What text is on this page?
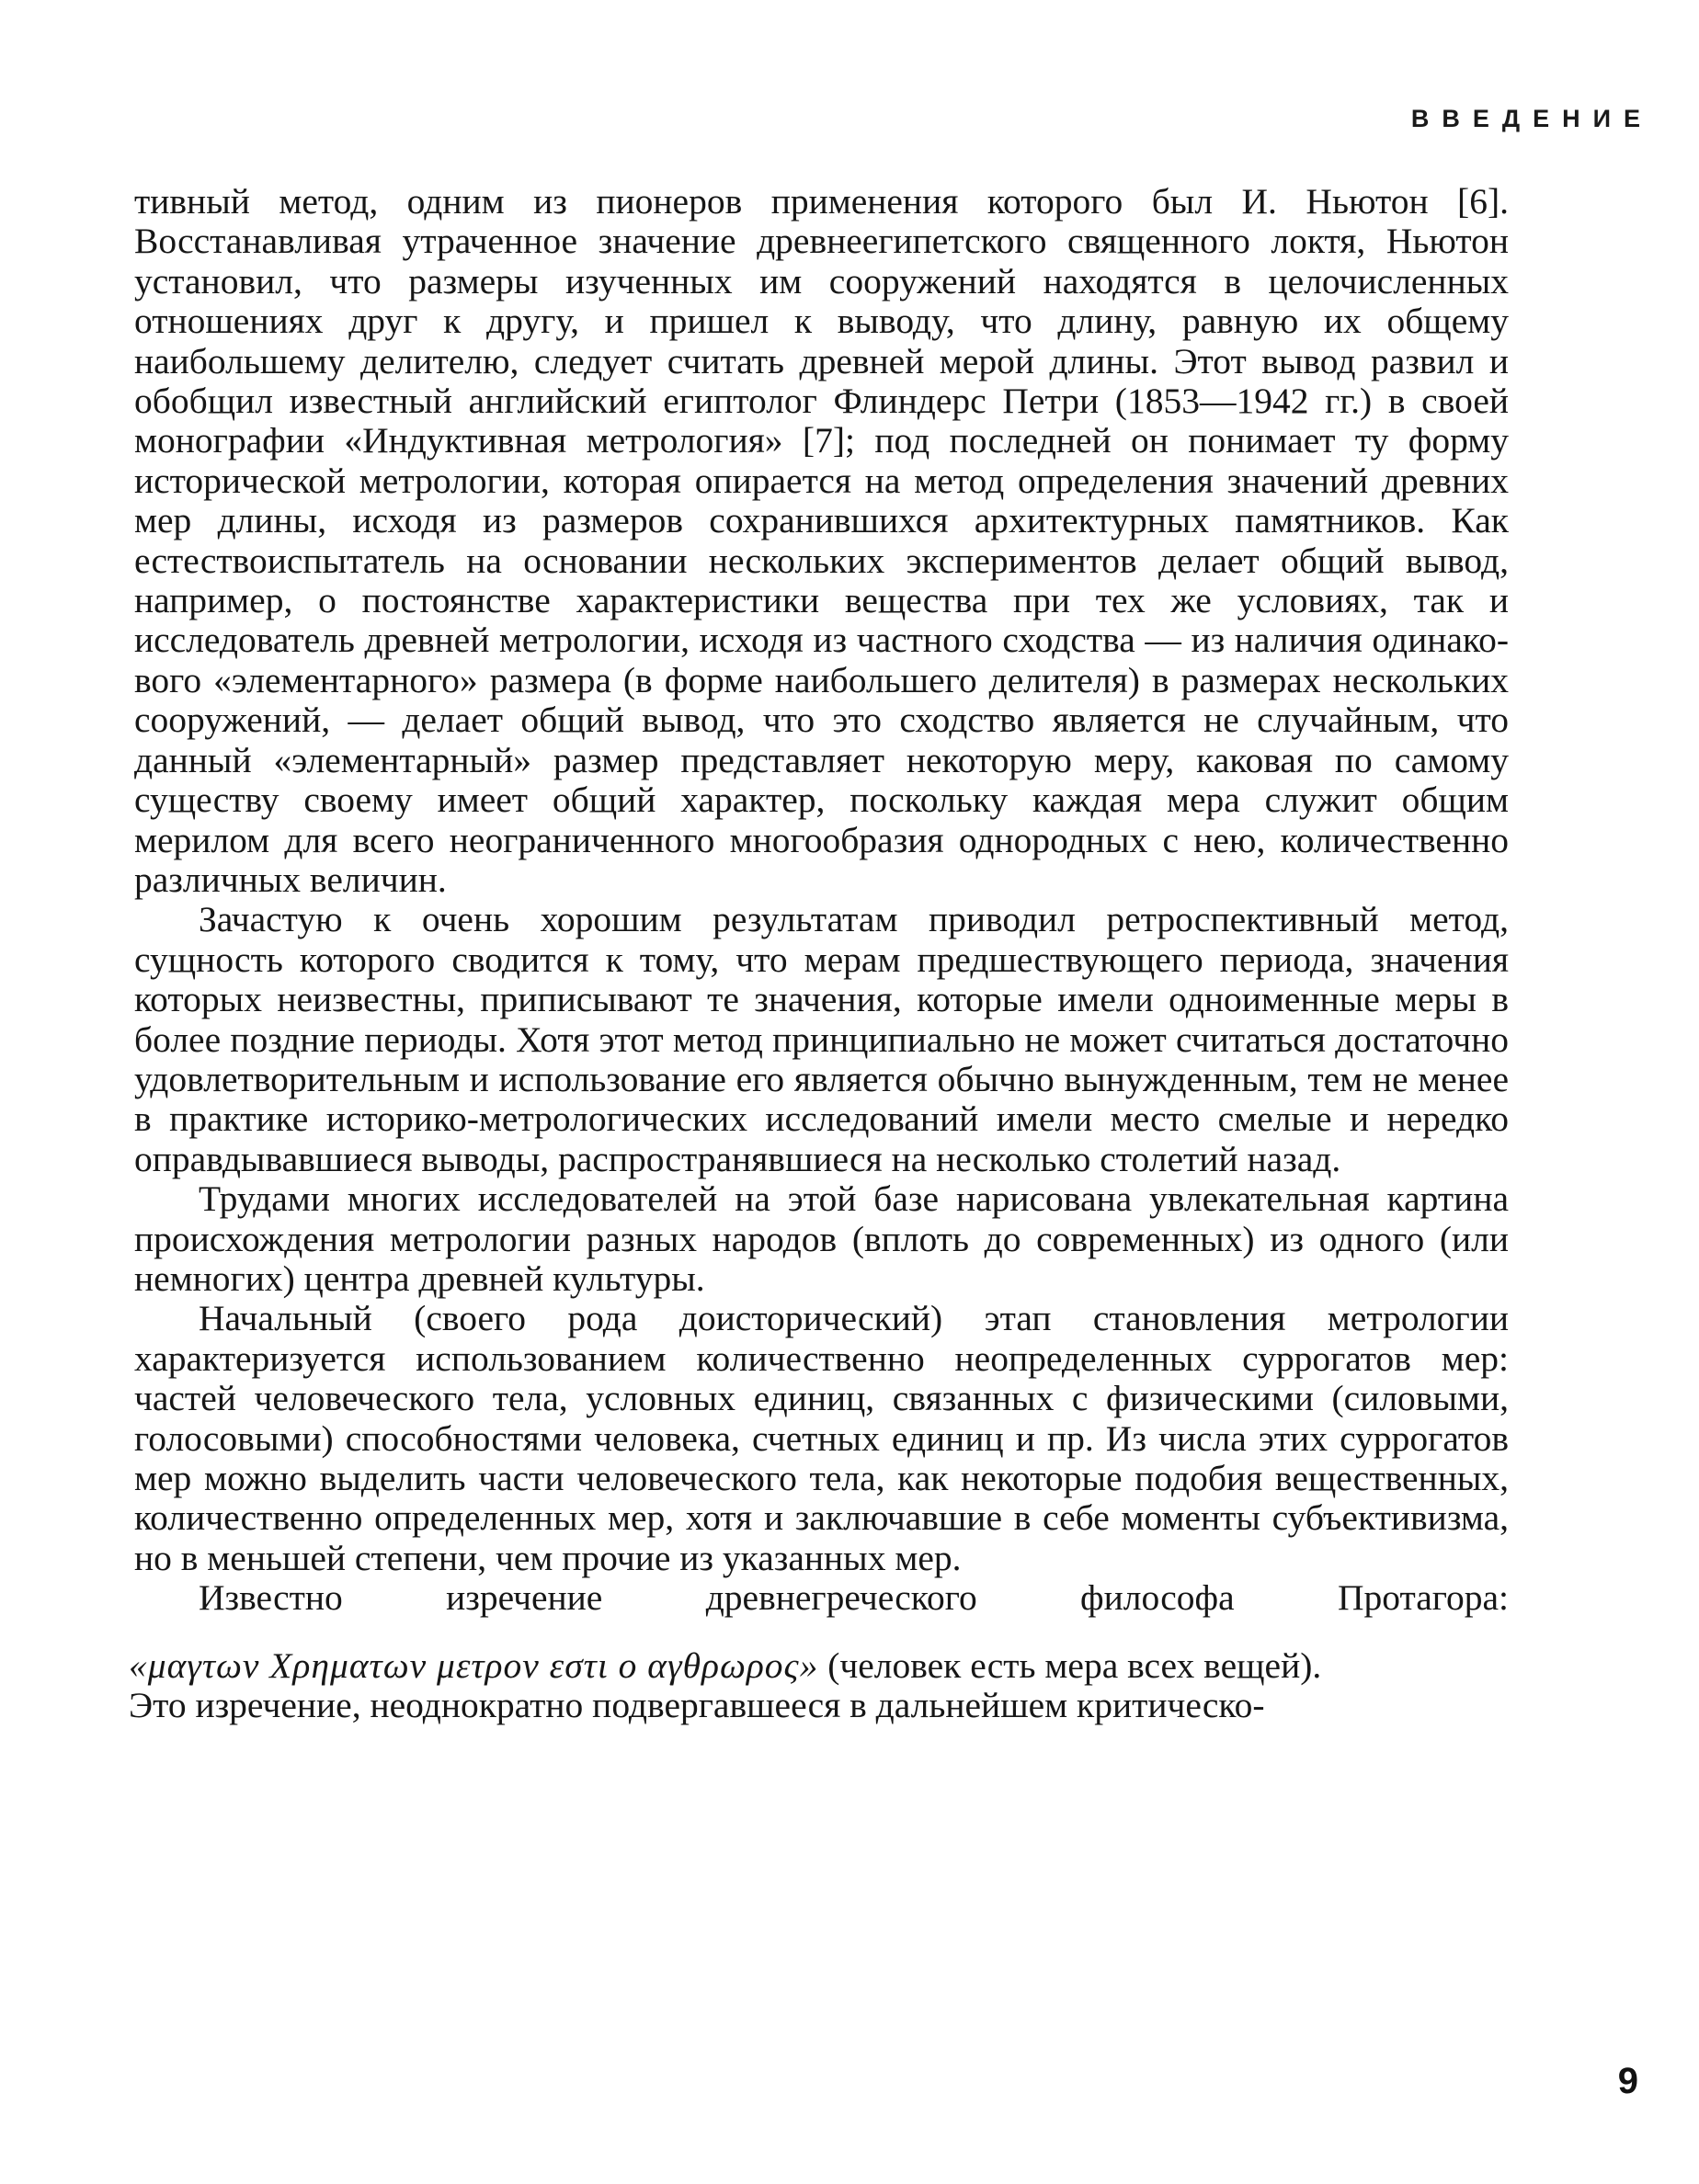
ВВЕДЕНИЕ

тивный метод, одним из пионеров применения которого был И. Ньютон [6]. Восстанавливая утраченное значение древнеегипетского священного локтя, Ньютон установил, что размеры изученных им сооружений находятся в целочисленных отношениях друг к другу, и пришел к выводу, что длину, равную их общему наибольшему делителю, следует считать древней мерой длины. Этот вывод развил и обобщил известный английский египтолог Флиндерс Петри (1853—1942 гг.) в своей монографии «Индуктивная метрология» [7]; под последней он понимает ту форму исторической метрологии, которая опирается на метод определения значений древних мер длины, исходя из размеров сохранившихся архитектурных памятников. Как естествоиспытатель на основании нескольких экспериментов делает общий вывод, например, о постоянстве характеристики вещества при тех же условиях, так и исследователь древней метрологии, исходя из частного сходства — из наличия одинакового «элементарного» размера (в форме наибольшего делителя) в размерах нескольких сооружений, — делает общий вывод, что это сходство является не случайным, что данный «элементарный» размер представляет некоторую меру, каковая по самому существу своему имеет общий характер, поскольку каждая мера служит общим мерилом для всего неограниченного многообразия однородных с нею, количественно различных величин.

Зачастую к очень хорошим результатам приводил ретроспективный метод, сущность которого сводится к тому, что мерам предшествующего периода, значения которых неизвестны, приписывают те значения, которые имели одноименные меры в более поздние периоды. Хотя этот метод принципиально не может считаться достаточно удовлетворительным и использование его является обычно вынужденным, тем не менее в практике историко-метрологических исследований имели место смелые и нередко оправдывавшиеся выводы, распространявшиеся на несколько столетий назад.

Трудами многих исследователей на этой базе нарисована увлекательная картина происхождения метрологии разных народов (вплоть до современных) из одного (или немногих) центра древней культуры.

Начальный (своего рода доисторический) этап становления метрологии характеризуется использованием количественно неопределенных суррогатов мер: частей человеческого тела, условных единиц, связанных с физическими (силовыми, голосовыми) способностями человека, счетных единиц и пр. Из числа этих суррогатов мер можно выделить части человеческого тела, как некоторые подобия вещественных, количественно определенных мер, хотя и заключавшие в себе моменты субъективизма, но в меньшей степени, чем прочие из указанных мер.

Известно изречение древнегреческого философа Протагора:

«μαγτων Χρηματων μετρον εστι ο αγθρωρος» (человек есть мера всех вещей).
Это изречение, неоднократно подвергавшееся в дальнейшем критическо-

9
